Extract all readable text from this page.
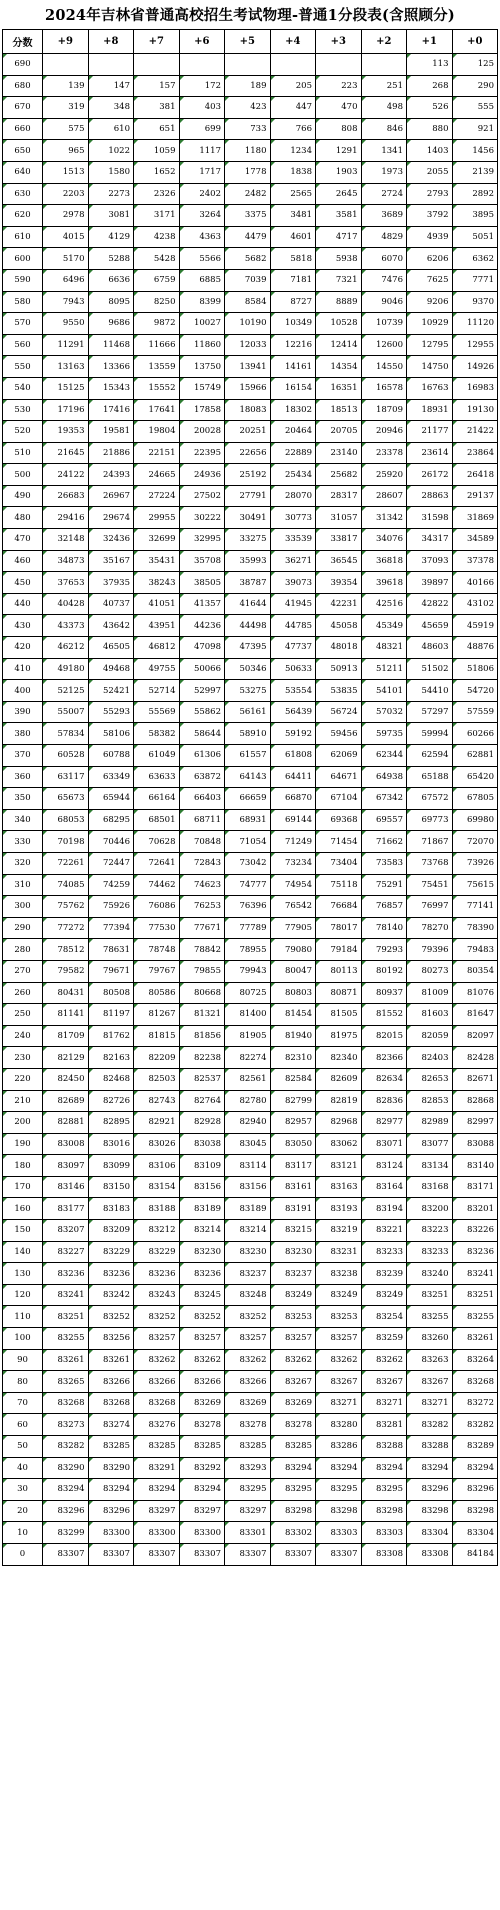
2024年吉林省普通高校招生考试物理-普通1分段表(含照顾分)
分数	+9	+8	+7	+6	+5	+4	+3	+2	+1	+0
690									113	125
680	139	147	157	172	189	205	223	251	268	290
670	319	348	381	403	423	447	470	498	526	555
660	575	610	651	699	733	766	808	846	880	921
650	965	1022	1059	1117	1180	1234	1291	1341	1403	1456
640	1513	1580	1652	1717	1778	1838	1903	1973	2055	2139
630	2203	2273	2326	2402	2482	2565	2645	2724	2793	2892
620	2978	3081	3171	3264	3375	3481	3581	3689	3792	3895
610	4015	4129	4238	4363	4479	4601	4717	4829	4939	5051
600	5170	5288	5428	5566	5682	5818	5938	6070	6206	6362
590	6496	6636	6759	6885	7039	7181	7321	7476	7625	7771
580	7943	8095	8250	8399	8584	8727	8889	9046	9206	9370
570	9550	9686	9872	10027	10190	10349	10528	10739	10929	11120
560	11291	11468	11666	11860	12033	12216	12414	12600	12795	12955
550	13163	13366	13559	13750	13941	14161	14354	14550	14750	14926
540	15125	15343	15552	15749	15966	16154	16351	16578	16763	16983
530	17196	17416	17641	17858	18083	18302	18513	18709	18931	19130
520	19353	19581	19804	20028	20251	20464	20705	20946	21177	21422
510	21645	21886	22151	22395	22656	22889	23140	23378	23614	23864
500	24122	24393	24665	24936	25192	25434	25682	25920	26172	26418
490	26683	26967	27224	27502	27791	28070	28317	28607	28863	29137
480	29416	29674	29955	30222	30491	30773	31057	31342	31598	31869
470	32148	32436	32699	32995	33275	33539	33817	34076	34317	34589
460	34873	35167	35431	35708	35993	36271	36545	36818	37093	37378
450	37653	37935	38243	38505	38787	39073	39354	39618	39897	40166
440	40428	40737	41051	41357	41644	41945	42231	42516	42822	43102
430	43373	43642	43951	44236	44498	44785	45058	45349	45659	45919
420	46212	46505	46812	47098	47395	47737	48018	48321	48603	48876
410	49180	49468	49755	50066	50346	50633	50913	51211	51502	51806
400	52125	52421	52714	52997	53275	53554	53835	54101	54410	54720
390	55007	55293	55569	55862	56161	56439	56724	57032	57297	57559
380	57834	58106	58382	58644	58910	59192	59456	59735	59994	60266
370	60528	60788	61049	61306	61557	61808	62069	62344	62594	62881
360	63117	63349	63633	63872	64143	64411	64671	64938	65188	65420
350	65673	65944	66164	66403	66659	66870	67104	67342	67572	67805
340	68053	68295	68501	68711	68931	69144	69368	69557	69773	69980
330	70198	70446	70628	70848	71054	71249	71454	71662	71867	72070
320	72261	72447	72641	72843	73042	73234	73404	73583	73768	73926
310	74085	74259	74462	74623	74777	74954	75118	75291	75451	75615
300	75762	75926	76086	76253	76396	76542	76684	76857	76997	77141
290	77272	77394	77530	77671	77789	77905	78017	78140	78270	78390
280	78512	78631	78748	78842	78955	79080	79184	79293	79396	79483
270	79582	79671	79767	79855	79943	80047	80113	80192	80273	80354
260	80431	80508	80586	80668	80725	80803	80871	80937	81009	81076
250	81141	81197	81267	81321	81400	81454	81505	81552	81603	81647
240	81709	81762	81815	81856	81905	81940	81975	82015	82059	82097
230	82129	82163	82209	82238	82274	82310	82340	82366	82403	82428
220	82450	82468	82503	82537	82561	82584	82609	82634	82653	82671
210	82689	82726	82743	82764	82780	82799	82819	82836	82853	82868
200	82881	82895	82921	82928	82940	82957	82968	82977	82989	82997
190	83008	83016	83026	83038	83045	83050	83062	83071	83077	83088
180	83097	83099	83106	83109	83114	83117	83121	83124	83134	83140
170	83146	83150	83154	83156	83156	83161	83163	83164	83168	83171
160	83177	83183	83188	83189	83189	83191	83193	83194	83200	83201
150	83207	83209	83212	83214	83214	83215	83219	83221	83223	83226
140	83227	83229	83229	83230	83230	83230	83231	83233	83233	83236
130	83236	83236	83236	83236	83237	83237	83238	83239	83240	83241
120	83241	83242	83243	83245	83248	83249	83249	83249	83251	83251
110	83251	83252	83252	83252	83252	83253	83253	83254	83255	83255
100	83255	83256	83257	83257	83257	83257	83257	83259	83260	83261
90	83261	83261	83262	83262	83262	83262	83262	83262	83263	83264
80	83265	83266	83266	83266	83266	83267	83267	83267	83267	83268
70	83268	83268	83268	83269	83269	83269	83271	83271	83271	83272
60	83273	83274	83276	83278	83278	83278	83280	83281	83282	83282
50	83282	83285	83285	83285	83285	83285	83286	83288	83288	83289
40	83290	83290	83291	83292	83293	83294	83294	83294	83294	83294
30	83294	83294	83294	83294	83295	83295	83295	83295	83296	83296
20	83296	83296	83297	83297	83297	83298	83298	83298	83298	83298
10	83299	83300	83300	83300	83301	83302	83303	83303	83304	83304
0	83307	83307	83307	83307	83307	83307	83307	83308	83308	84184
